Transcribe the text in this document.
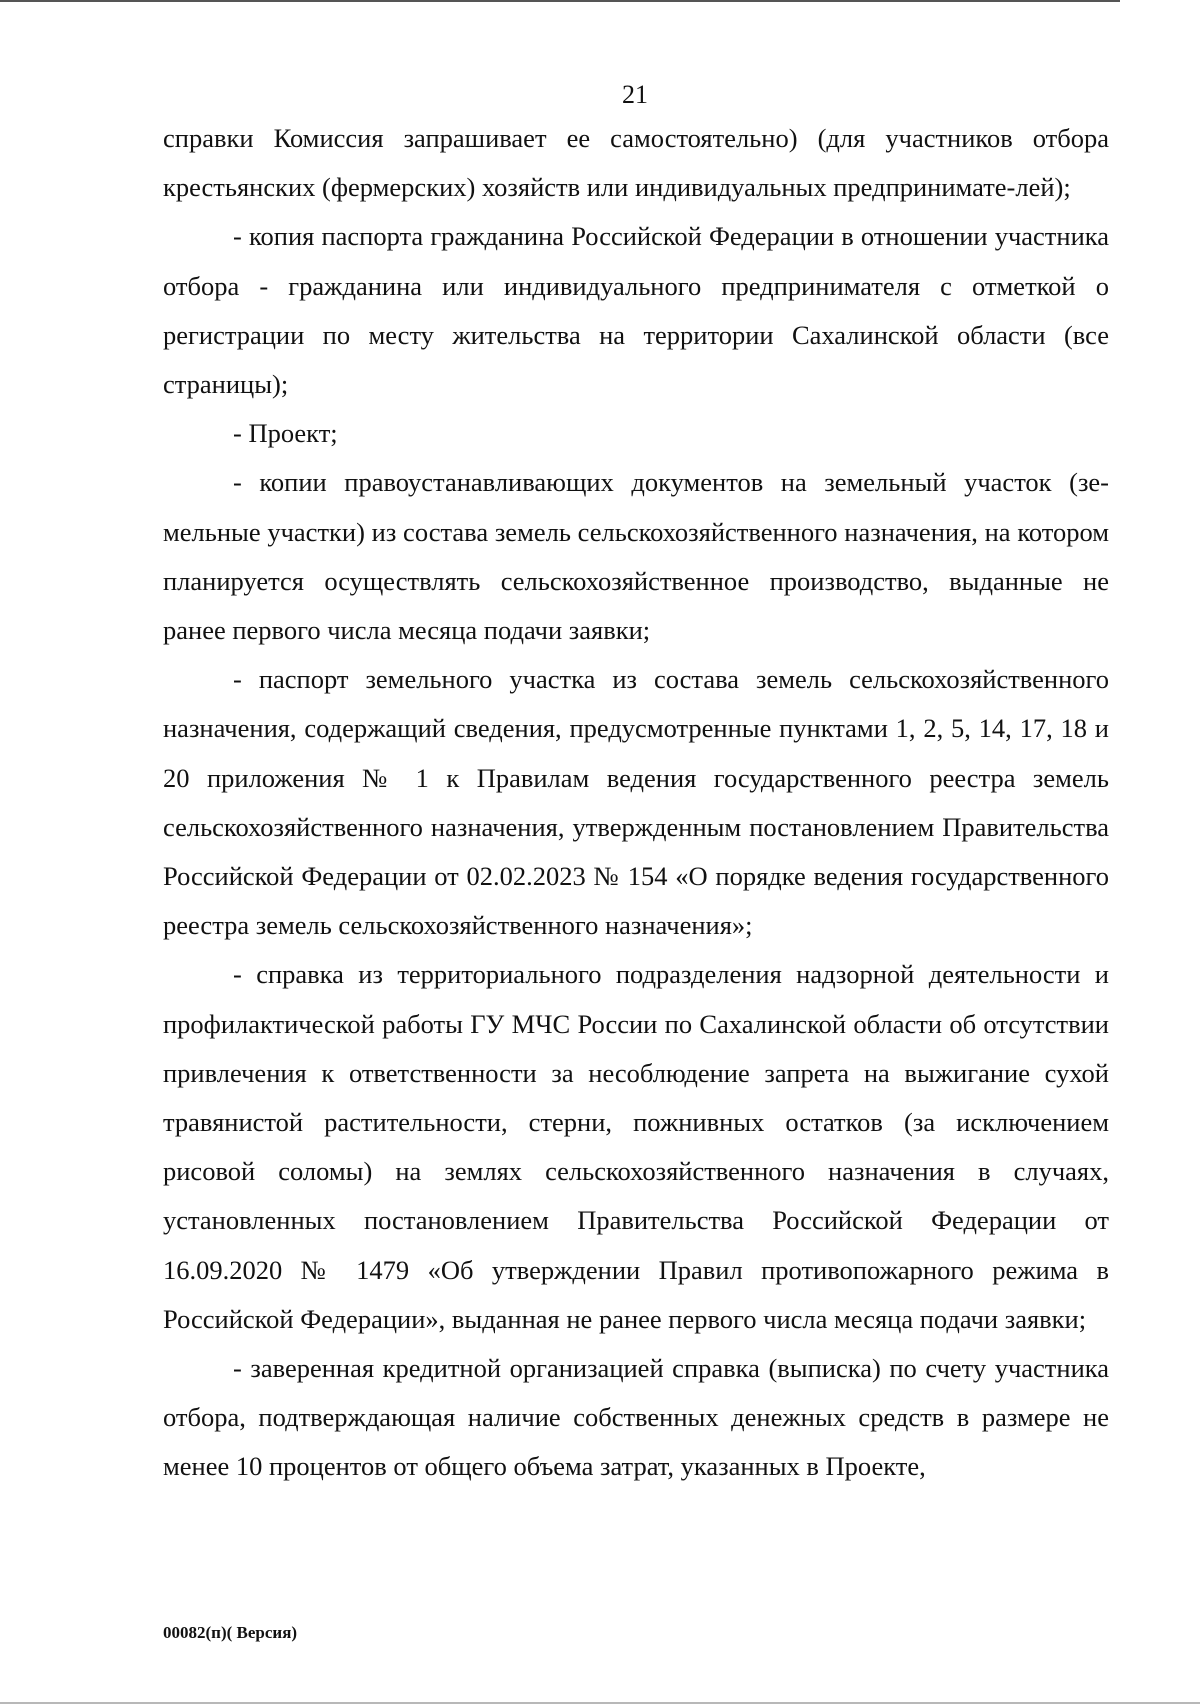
21

справки Комиссия запрашивает ее самостоятельно) (для участников отбора крестьянских (фермерских) хозяйств или индивидуальных предпринимате-лей);

- копия паспорта гражданина Российской Федерации в отношении участника отбора - гражданина или индивидуального предпринимателя с отметкой о регистрации по месту жительства на территории Сахалинской области (все страницы);

- Проект;

- копии правоустанавливающих документов на земельный участок (земельные участки) из состава земель сельскохозяйственного назначения, на котором планируется осуществлять сельскохозяйственное производство, выданные не ранее первого числа месяца подачи заявки;

- паспорт земельного участка из состава земель сельскохозяйственного назначения, содержащий сведения, предусмотренные пунктами 1, 2, 5, 14, 17, 18 и 20 приложения № 1 к Правилам ведения государственного реестра земель сельскохозяйственного назначения, утвержденным постановлением Правительства Российской Федерации от 02.02.2023 № 154 «О порядке ведения государственного реестра земель сельскохозяйственного назначения»;

- справка из территориального подразделения надзорной деятельности и профилактической работы ГУ МЧС России по Сахалинской области об отсутствии привлечения к ответственности за несоблюдение запрета на выжигание сухой травянистой растительности, стерни, пожнивных остатков (за исключением рисовой соломы) на землях сельскохозяйственного назначения в случаях, установленных постановлением Правительства Российской Федерации от 16.09.2020 № 1479 «Об утверждении Правил противопожарного режима в Российской Федерации», выданная не ранее первого числа месяца подачи заявки;

- заверенная кредитной организацией справка (выписка) по счету участника отбора, подтверждающая наличие собственных денежных средств в размере не менее 10 процентов от общего объема затрат, указанных в Проекте,

00082(п)( Версия)
